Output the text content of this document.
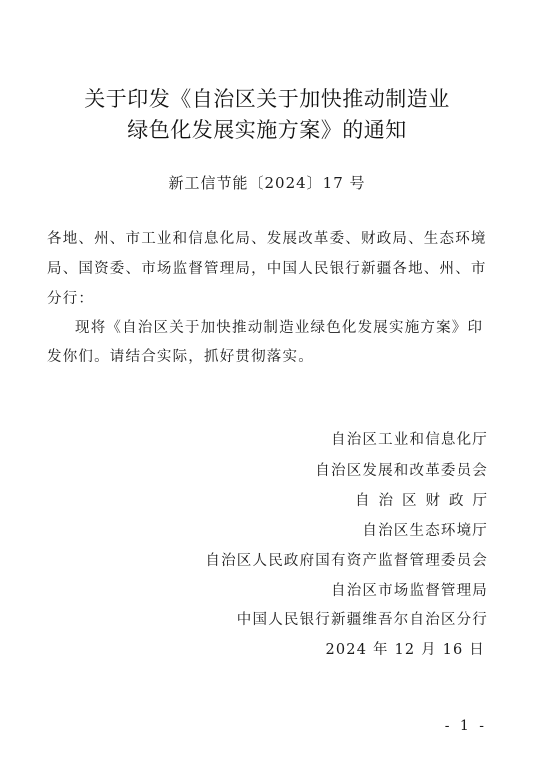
关于印发《自治区关于加快推动制造业
绿色化发展实施方案》的通知
新工信节能〔2024〕17 号
各地、州、市工业和信息化局、发展改革委、财政局、生态环境
局、国资委、市场监督管理局，中国人民银行新疆各地、州、市
分行：
现将《自治区关于加快推动制造业绿色化发展实施方案》印
发你们。请结合实际，抓好贯彻落实。
自治区工业和信息化厅
自治区发展和改革委员会
自治区财政厅
自治区生态环境厅
自治区人民政府国有资产监督管理委员会
自治区市场监督管理局
中国人民银行新疆维吾尔自治区分行
2024 年 12 月 16 日
- 1 -
